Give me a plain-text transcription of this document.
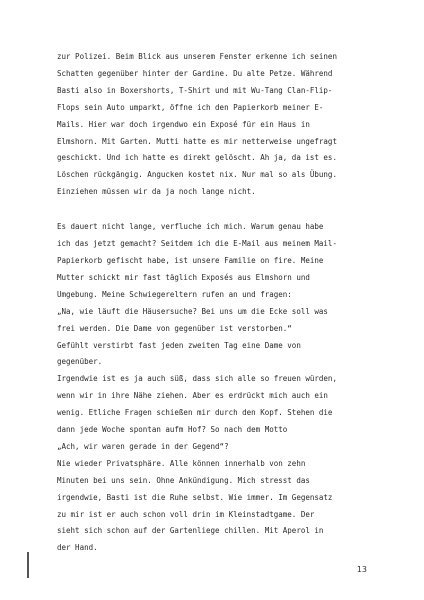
zur Polizei. Beim Blick aus unserem Fenster erkenne ich seinen
Schatten gegenüber hinter der Gardine. Du alte Petze. Während
Basti also in Boxershorts, T-Shirt und mit Wu-Tang Clan-Flip-
Flops sein Auto umparkt, öffne ich den Papierkorb meiner E-
Mails. Hier war doch irgendwo ein Exposé für ein Haus in
Elmshorn. Mit Garten. Mutti hatte es mir netterweise ungefragt
geschickt. Und ich hatte es direkt gelöscht. Ah ja, da ist es.
Löschen rückgängig. Angucken kostet nix. Nur mal so als Übung.
Einziehen müssen wir da ja noch lange nicht.
Es dauert nicht lange, verfluche ich mich. Warum genau habe
ich das jetzt gemacht? Seitdem ich die E-Mail aus meinem Mail-
Papierkorb gefischt habe, ist unsere Familie on fire. Meine
Mutter schickt mir fast täglich Exposés aus Elmshorn und
Umgebung. Meine Schwiegereltern rufen an und fragen:
„Na, wie läuft die Häusersuche? Bei uns um die Ecke soll was
frei werden. Die Dame von gegenüber ist verstorben.“
Gefühlt verstirbt fast jeden zweiten Tag eine Dame von
gegenüber.
Irgendwie ist es ja auch süß, dass sich alle so freuen würden,
wenn wir in ihre Nähe ziehen. Aber es erdrückt mich auch ein
wenig. Etliche Fragen schießen mir durch den Kopf. Stehen die
dann jede Woche spontan aufm Hof? So nach dem Motto
„Ach, wir waren gerade in der Gegend“?
Nie wieder Privatsphäre. Alle können innerhalb von zehn
Minuten bei uns sein. Ohne Ankündigung. Mich stresst das
irgendwie, Basti ist die Ruhe selbst. Wie immer. Im Gegensatz
zu mir ist er auch schon voll drin im Kleinstadtgame. Der
sieht sich schon auf der Gartenliege chillen. Mit Aperol in
der Hand.
13
